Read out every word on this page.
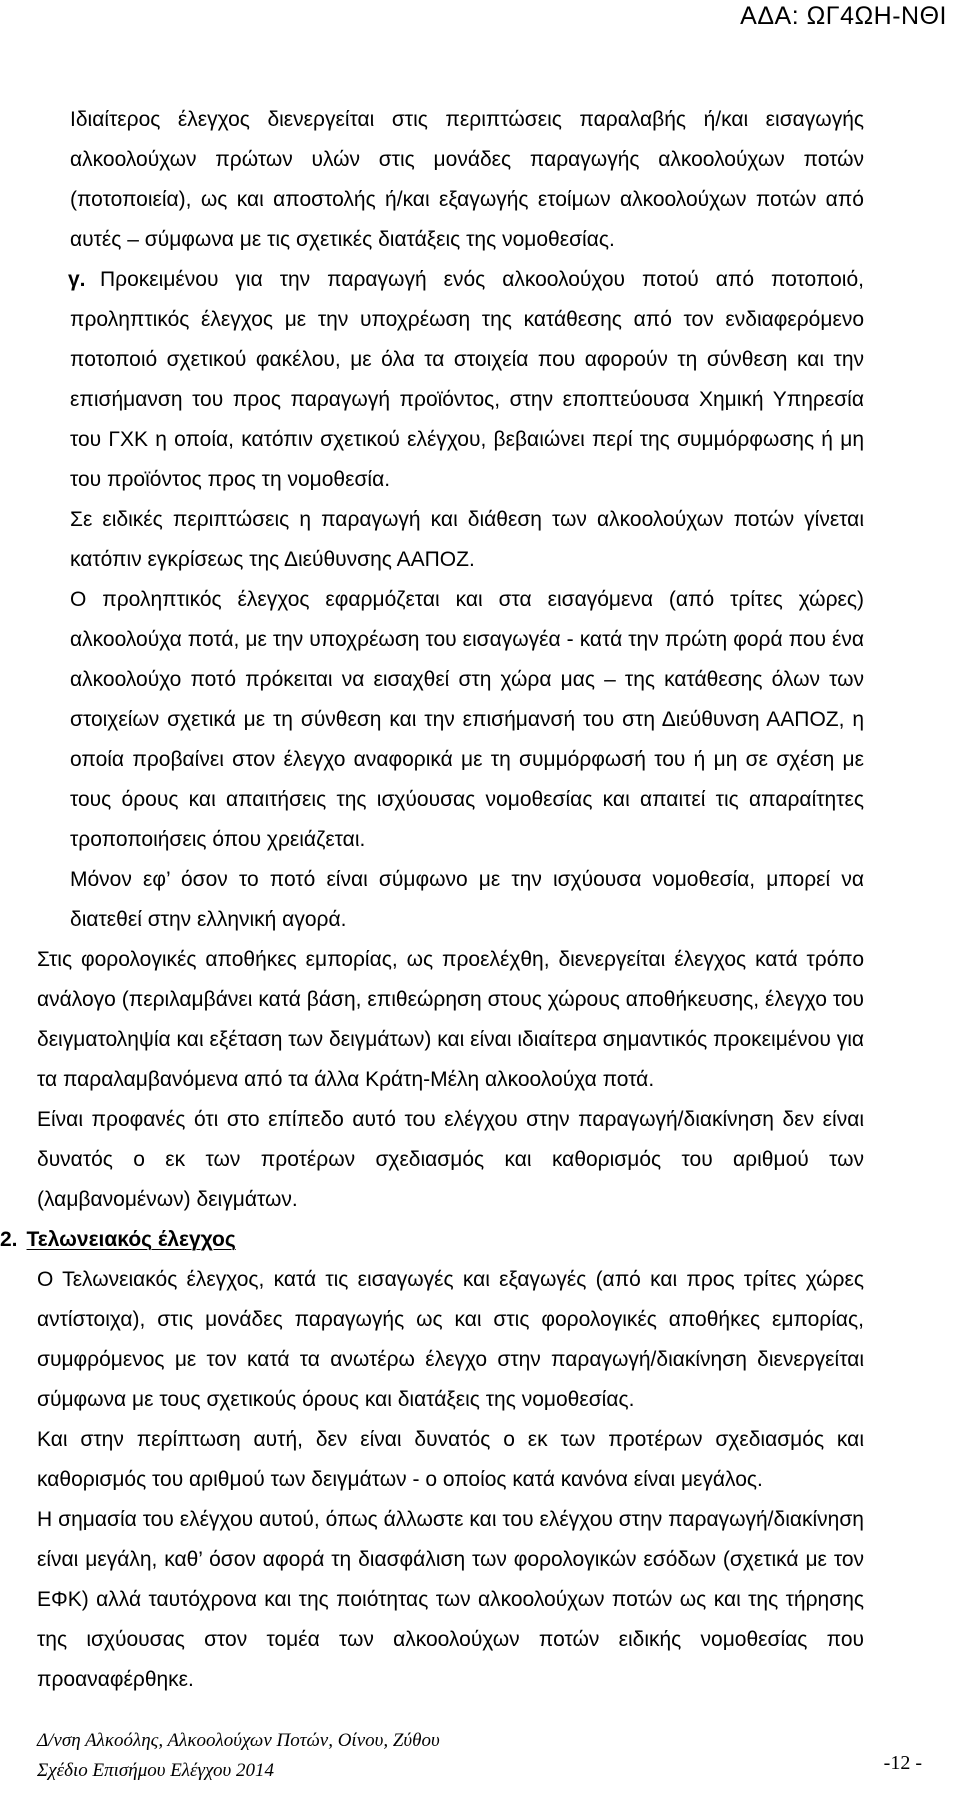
ΑΔΑ: ΩΓ4ΩΗ-ΝΘΙ

Ιδιαίτερος έλεγχος διενεργείται στις περιπτώσεις παραλαβής ή/και εισαγωγής αλκοολούχων πρώτων υλών στις μονάδες παραγωγής αλκοολούχων ποτών (ποτοποιεία), ως και αποστολής ή/και εξαγωγής ετοίμων αλκοολούχων ποτών από αυτές – σύμφωνα με τις σχετικές διατάξεις της νομοθεσίας.

γ. Προκειμένου για την παραγωγή ενός αλκοολούχου ποτού από ποτοποιό, προληπτικός έλεγχος με την υποχρέωση της κατάθεσης από τον ενδιαφερόμενο ποτοποιό σχετικού φακέλου, με όλα τα στοιχεία που αφορούν τη σύνθεση και την επισήμανση του προς παραγωγή προϊόντος, στην εποπτεύουσα Χημική Υπηρεσία του ΓΧΚ η οποία, κατόπιν σχετικού ελέγχου, βεβαιώνει περί της συμμόρφωσης ή μη του προϊόντος προς τη νομοθεσία.

Σε ειδικές περιπτώσεις η παραγωγή και διάθεση των αλκοολούχων ποτών γίνεται κατόπιν εγκρίσεως της Διεύθυνσης ΑΑΠΟΖ.

Ο προληπτικός έλεγχος εφαρμόζεται και στα εισαγόμενα (από τρίτες χώρες) αλκοολούχα ποτά, με την υποχρέωση του εισαγωγέα - κατά την πρώτη φορά που ένα αλκοολούχο ποτό πρόκειται να εισαχθεί στη χώρα μας – της κατάθεσης όλων των στοιχείων σχετικά με τη σύνθεση και την επισήμανσή του στη Διεύθυνση ΑΑΠΟΖ, η οποία προβαίνει στον έλεγχο αναφορικά με τη συμμόρφωσή του ή μη σε σχέση με τους όρους και απαιτήσεις της ισχύουσας νομοθεσίας και απαιτεί τις απαραίτητες τροποποιήσεις όπου χρειάζεται.

Μόνον εφ’ όσον το ποτό είναι σύμφωνο με την ισχύουσα νομοθεσία, μπορεί να διατεθεί στην ελληνική αγορά.

Στις φορολογικές αποθήκες εμπορίας, ως προελέχθη, διενεργείται έλεγχος κατά τρόπο ανάλογο (περιλαμβάνει κατά βάση, επιθεώρηση στους χώρους αποθήκευσης, έλεγχο του δειγματοληψία και εξέταση των δειγμάτων) και είναι ιδιαίτερα σημαντικός προκειμένου για τα παραλαμβανόμενα από τα άλλα Κράτη-Μέλη αλκοολούχα ποτά.

Είναι προφανές ότι στο επίπεδο αυτό του ελέγχου στην παραγωγή/διακίνηση δεν είναι δυνατός ο εκ των προτέρων σχεδιασμός και καθορισμός του αριθμού των (λαμβανομένων) δειγμάτων.

2. Τελωνειακός έλεγχος

Ο Τελωνειακός έλεγχος, κατά τις εισαγωγές και εξαγωγές (από και προς τρίτες χώρες αντίστοιχα), στις μονάδες παραγωγής ως και στις φορολογικές αποθήκες εμπορίας, συμφρόμενος με τον κατά τα ανωτέρω έλεγχο στην παραγωγή/διακίνηση διενεργείται σύμφωνα με τους σχετικούς όρους και διατάξεις της νομοθεσίας.

Και στην περίπτωση αυτή, δεν είναι δυνατός ο εκ των προτέρων σχεδιασμός και καθορισμός του αριθμού των δειγμάτων - ο οποίος κατά κανόνα είναι μεγάλος.

Η σημασία του ελέγχου αυτού, όπως άλλωστε και του ελέγχου στην παραγωγή/διακίνηση είναι μεγάλη, καθ’ όσον αφορά τη διασφάλιση των φορολογικών εσόδων (σχετικά με τον ΕΦΚ) αλλά ταυτόχρονα και της ποιότητας των αλκοολούχων ποτών ως και της τήρησης της ισχύουσας στον τομέα των αλκοολούχων ποτών ειδικής νομοθεσίας που προαναφέρθηκε.

Δ/νση Αλκοόλης, Αλκοολούχων Ποτών, Οίνου, Ζύθου
Σχέδιο Επισήμου Ελέγχου 2014	-12 -
